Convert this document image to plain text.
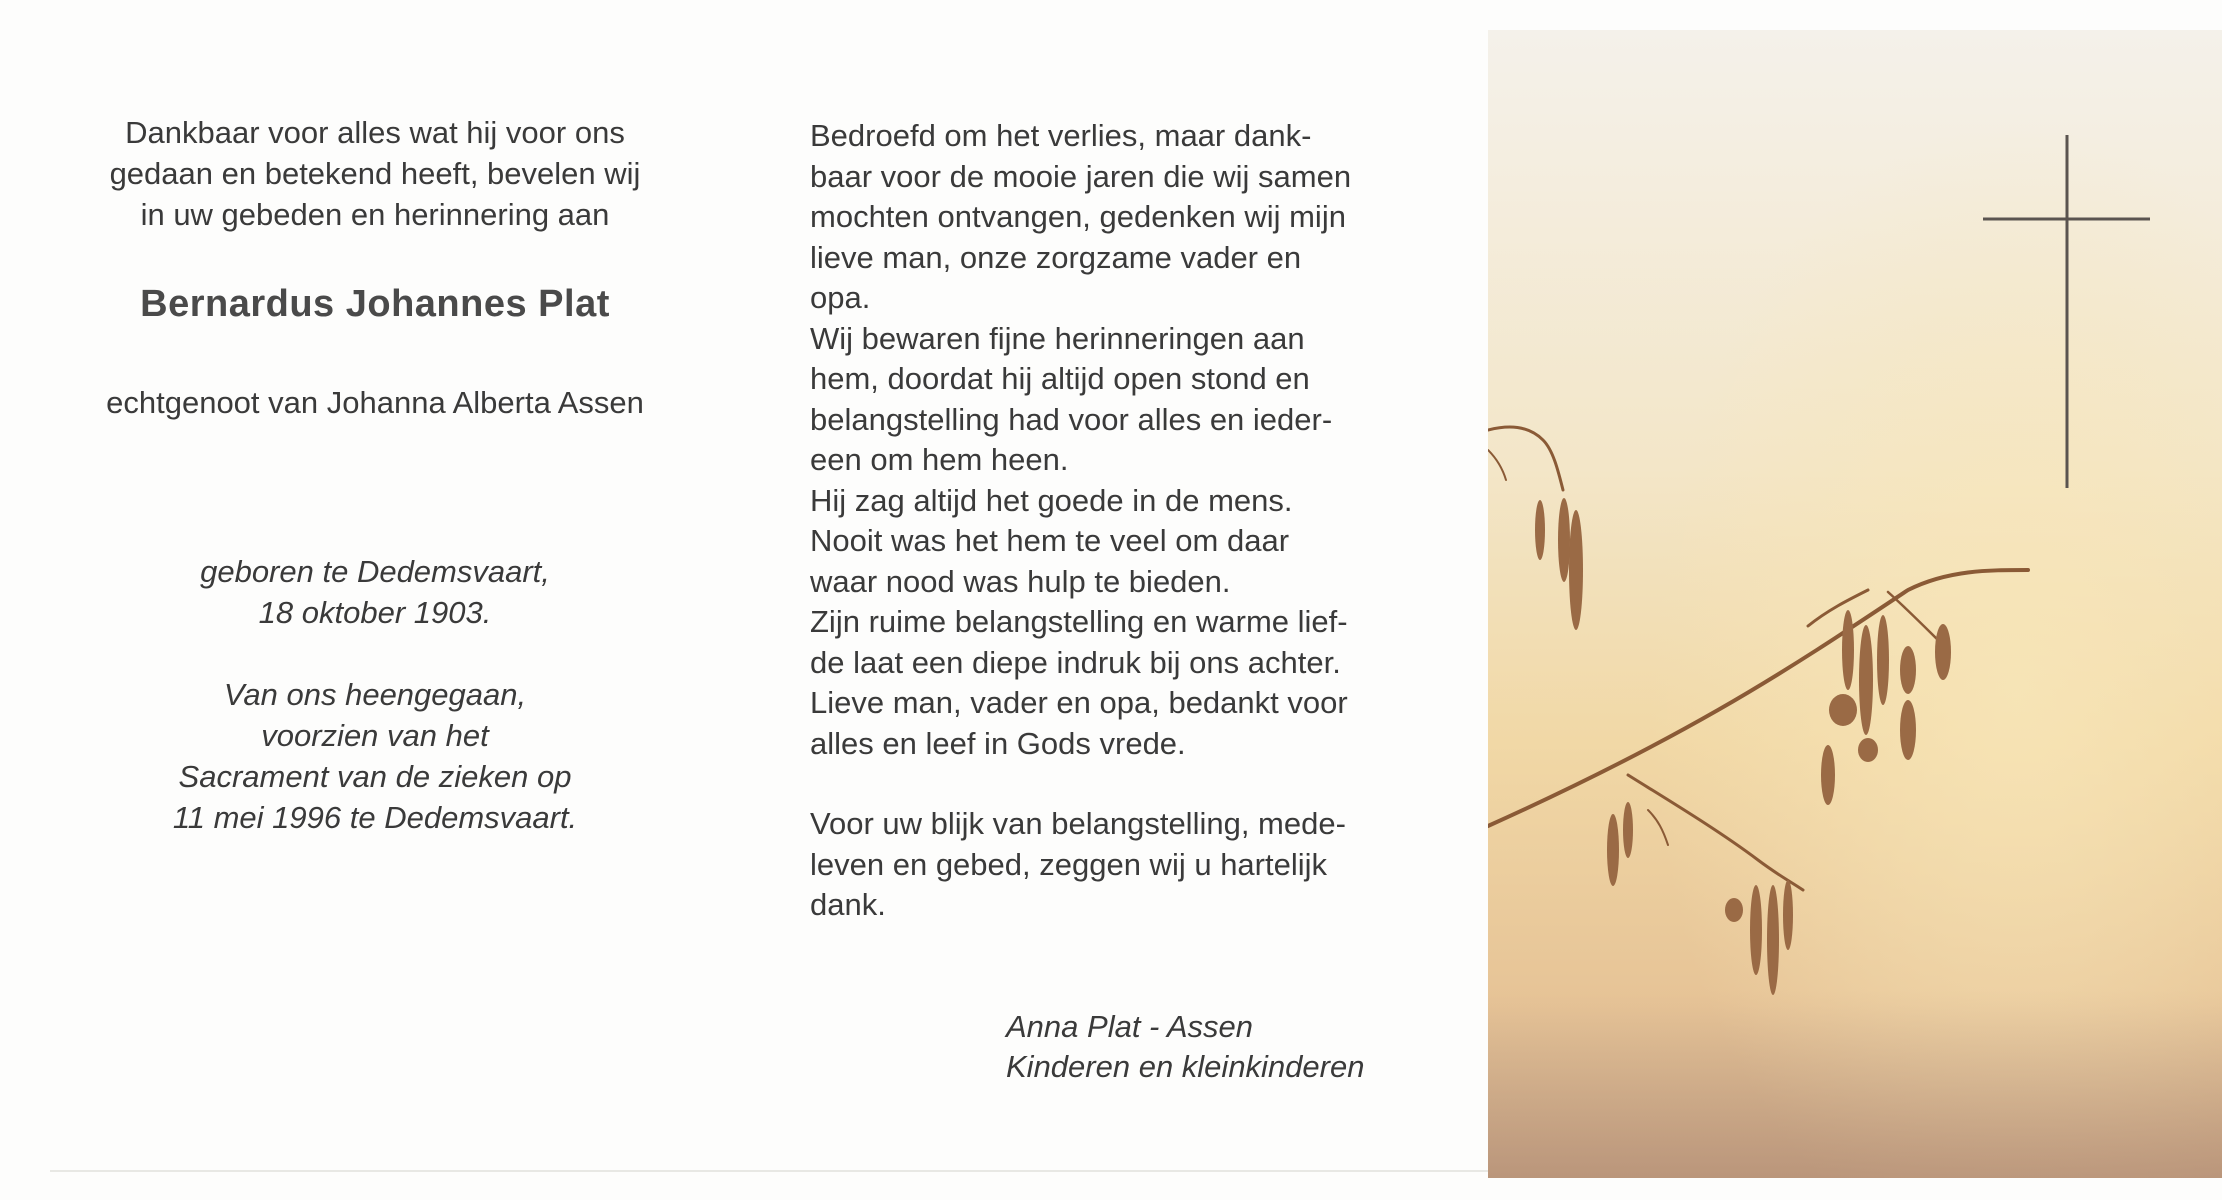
Dankbaar voor alles wat hij voor ons
gedaan en betekend heeft, bevelen wij
in uw gebeden en herinnering aan

Bernardus Johannes Plat
echtgenoot van Johanna Alberta Assen
geboren te Dedemsvaart,
18 oktober 1903.
Van ons heengegaan,
voorzien van het
Sacrament van de zieken op
11 mei 1996 te Dedemsvaart.
Bedroefd om het verlies, maar dank-
baar voor de mooie jaren die wij samen
mochten ontvangen, gedenken wij mijn
lieve man, onze zorgzame vader en
opa.
Wij bewaren fijne herinneringen aan
hem, doordat hij altijd open stond en
belangstelling had voor alles en ieder-
een om hem heen.
Hij zag altijd het goede in de mens.
Nooit was het hem te veel om daar
waar nood was hulp te bieden.
Zijn ruime belangstelling en warme lief-
de laat een diepe indruk bij ons achter.
Lieve man, vader en opa, bedankt voor
alles en leef in Gods vrede.
Voor uw blijk van belangstelling, mede-
leven en gebed, zeggen wij u hartelijk
dank.
Anna Plat - Assen
Kinderen en kleinkinderen
